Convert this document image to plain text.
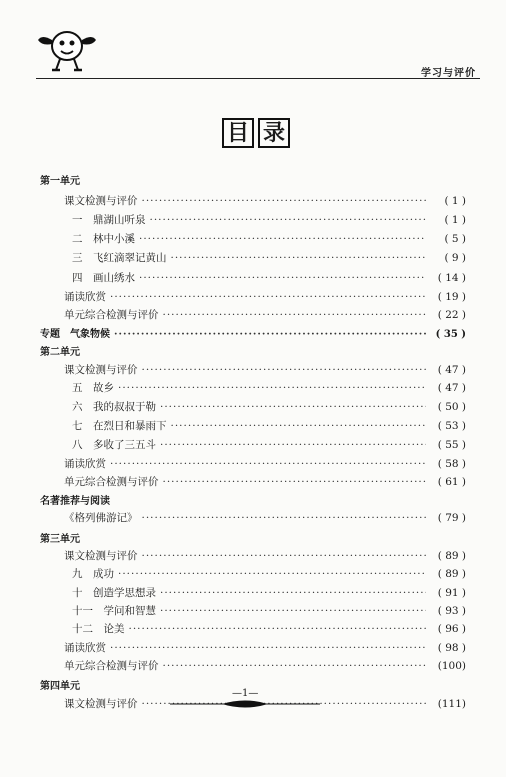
学习与评价
目 录
第一单元
课文检测与评价 ·····	( 1 )
一　鼎湖山听泉 ·····	( 1 )
二　林中小溪 ·····	( 5 )
三　飞红滴翠记黄山 ·····	( 9 )
四　画山绣水 ·····	( 14 )
诵读欣赏 ·····	( 19 )
单元综合检测与评价 ·····	( 22 )
专题　气象物候 ·····	( 35 )
第二单元
课文检测与评价 ·····	( 47 )
五　故乡 ·····	( 47 )
六　我的叔叔于勒 ·····	( 50 )
七　在烈日和暴雨下 ·····	( 53 )
八　多收了三五斗 ·····	( 55 )
诵读欣赏 ·····	( 58 )
单元综合检测与评价 ·····	( 61 )
名著推荐与阅读
《格列佛游记》 ·····	( 79 )
第三单元
课文检测与评价 ·····	( 89 )
九　成功 ·····	( 89 )
十　创造学思想录 ·····	( 91 )
十一　学问和智慧 ·····	( 93 )
十二　论美 ·····	( 96 )
诵读欣赏 ·····	( 98 )
单元综合检测与评价 ·····	(100)
第四单元
课文检测与评价 ·····	(111)
—1—
